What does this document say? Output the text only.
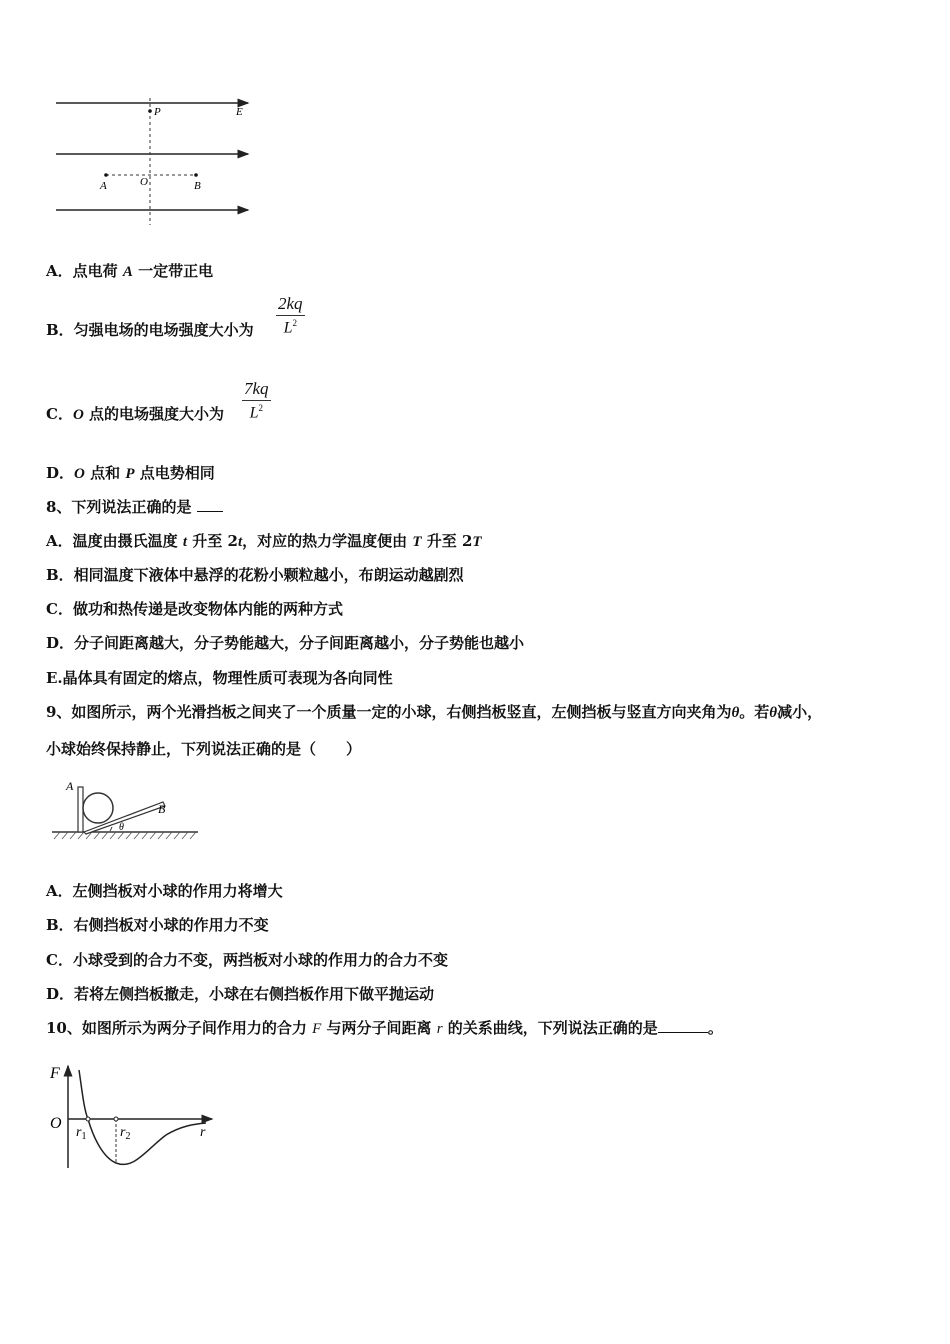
P	E
A	O	B
A．点电荷 A 一定带正电
B．匀强电场的电场强度大小为
2kq
$L^2$
C．O 点的电场强度大小为
7kq
$L^2$
D．O 点和 P 点电势相同
8、下列说法正确的是
A．温度由摄氏温度 t 升至 2t，对应的热力学温度便由 T 升至 2T
B．相同温度下液体中悬浮的花粉小颗粒越小，布朗运动越剧烈
C．做功和热传递是改变物体内能的两种方式
D．分子间距离越大，分子势能越大，分子间距离越小，分子势能也越小
E.晶体具有固定的熔点，物理性质可表现为各向同性
9、如图所示，两个光滑挡板之间夹了一个质量一定的小球，右侧挡板竖直，左侧挡板与竖直方向夹角为θ。若θ减小，
小球始终保持静止，下列说法正确的是（　　）
A
B
θ
A．左侧挡板对小球的作用力将增大
B．右侧挡板对小球的作用力不变
C．小球受到的合力不变，两挡板对小球的作用力的合力不变
D．若将左侧挡板撤走，小球在右侧挡板作用下做平抛运动
10、如图所示为两分子间作用力的合力 F 与两分子间距离 r 的关系曲线，下列说法正确的是	。
F
O
$r_1$ $r_2$	r
